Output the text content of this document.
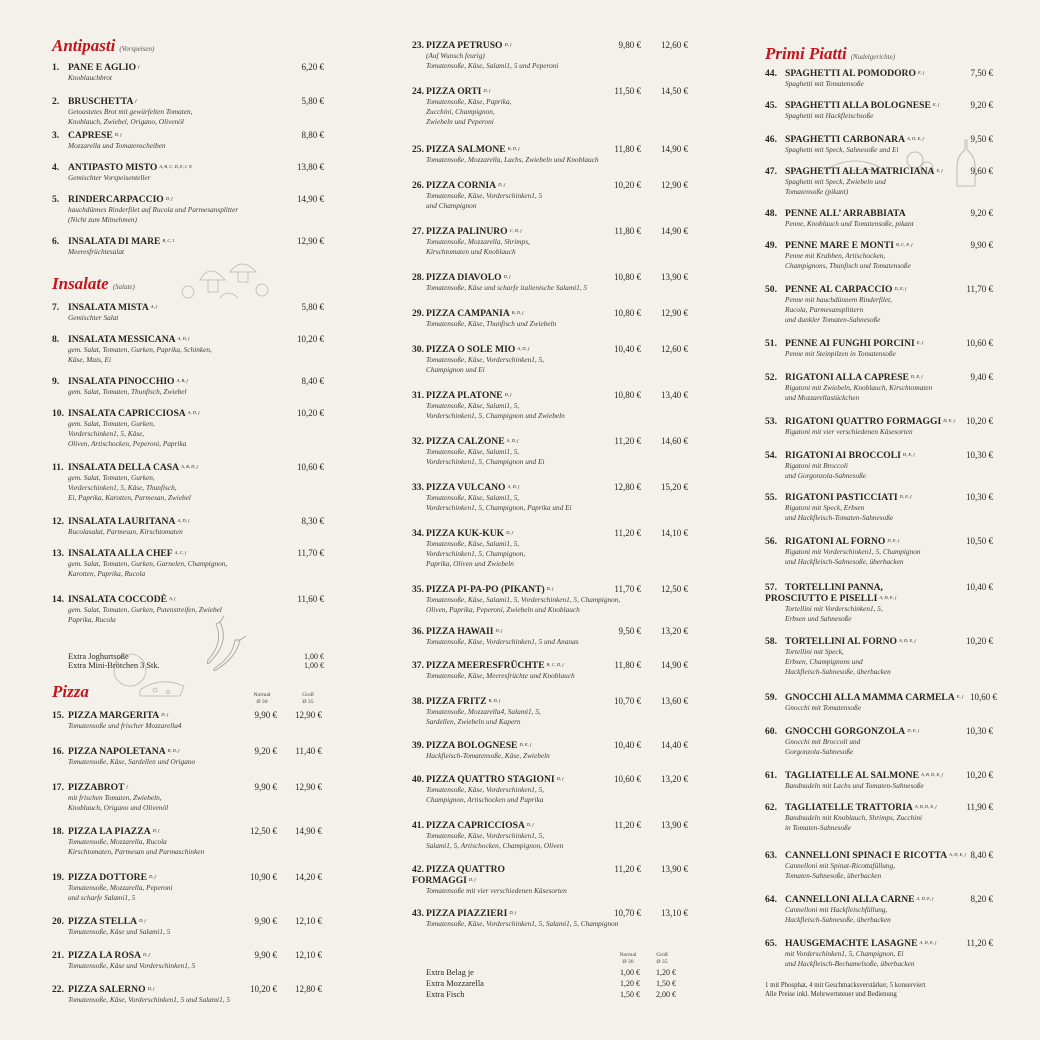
Antipasti (Vorspeisen)
1. PANE E AGLIO $^f$	6,20 €
Knoblauchbrot
2. BRUSCHETTA $^f$	5,80 €
Getoastetes Brot mit gewürfelten Tomaten,
Knoblauch, Zwiebel, Origano, Olivenöl
3. CAPRESE $^{D, f}$	8,80 €
Mozzarella und Tomatenscheiben
4. ANTIPASTO MISTO $^{A, B, C, D, E, I, N}$	13,80 €
Gemischter Vorspeisenteller
5. RINDERCARPACCIO $^{D, f}$	14,90 €
hauchdünnes Rinderfilet auf Rucola und Parmesansplitter
(Nicht zum Mitnehmen)
6. INSALATA DI MARE $^{B, C, I}$	12,90 €
Meeresfrüchtesalat
Insalate (Salate)
7. INSALATA MISTA $^{A, f}$	5,80 €
Gemischter Salat
8. INSALATA MESSICANA $^{A, D, f}$	10,20 €
gem. Salat, Tomaten, Gurken, Paprika, Schinken,
Käse, Mais, Ei
9. INSALATA PINOCCHIO $^{A, B, f}$	8,40 €
gem. Salat, Tomaten, Thunfisch, Zwiebel
10. INSALATA CAPRICCIOSA $^{A, D, f}$	10,20 €
gem. Salat, Tomaten, Gurken,
Vorderschinken1, 5, Käse,
Oliven, Artischocken, Peperoni, Paprika
11. INSALATA DELLA CASA $^{A, B, D, f}$	10,60 €
gem. Salat, Tomaten, Gurken,
Vorderschinken1, 5, Käse, Thunfisch,
Ei, Paprika, Karotten, Parmesan, Zwiebel
12. INSALATA LAURITANA $^{A, D, f}$	8,30 €
Rucolasalat, Parmesan, Kirschtomaten
13. INSALATA ALLA CHEF $^{A, C, f}$	11,70 €
gem. Salat, Tomaten, Gurken, Garnelen, Champignon,
Karotten, Paprika, Rucola
14. INSALATA COCCODÈ $^{A, f}$	11,60 €
gem. Salat, Tomaten, Gurken, Putenstreifen, Zwiebel
Paprika, Rucola
Extra Joghurtsoße	1,00 €
Extra Mini-Brötchen 3 Stk.	1,00 €
Pizza	Normal
Ø 30
Groß
Ø 35
15. PIZZA MARGERITA $^{D, f}$	9,90 € 12,90 €
Tomatensoße und frischer Mozzarella4
16. PIZZA NAPOLETANA $^{B, D, f}$	9,20 € 11,40 €
Tomatensoße, Käse, Sardellen und Origano
17. PIZZABROT $^f$	9,90 € 12,90 €
mit frischen Tomaten, Zwiebeln,
Knoblauch, Origano und Olivenöl
18. PIZZA LA PIAZZA $^{D, f}$	12,50 € 14,90 €
Tomatensoße, Mozzarella, Rucola
Kirschtomaten, Parmesan und Parmaschinken
19. PIZZA DOTTORE $^{D, f}$	10,90 € 14,20 €
Tomatensoße, Mozzarella, Peperoni
und scharfe Salami1, 5
20. PIZZA STELLA $^{D, f}$	9,90 € 12,10 €
Tomatensoße, Käse und Salami1, 5
21. PIZZA LA ROSA $^{D, f}$	9,90 € 12,10 €
Tomatensoße, Käse und Vorderschinken1, 5
22. PIZZA SALERNO $^{D, f}$	10,20 € 12,80 €
Tomatensoße, Käse, Vorderschinken1, 5 und Salami1, 5
23. PIZZA PETRUSO $^{D, f}$	9,80 € 12,60 €
(Auf Wunsch feurig)
Tomatensoße, Käse, Salami1, 5 und Peperoni
24. PIZZA ORTI $^{D, f}$	11,50 € 14,50 €
Tomatensoße, Käse, Paprika,
Zucchini, Champignon,
Zwiebeln und Peperoni
25. PIZZA SALMONE $^{B, D, f}$	11,80 € 14,90 €
Tomatensoße, Mozzarella, Lachs, Zwiebeln und Knoblauch
26. PIZZA CORNIA $^{D, f}$	10,20 € 12,90 €
Tomatensoße, Käse, Vorderschinken1, 5
und Champignon
27. PIZZA PALINURO $^{C, D, f}$	11,80 € 14,90 €
Tomatensoße, Mozzarella, Shrimps,
Kirschtomaten und Knoblauch
28. PIZZA DIAVOLO $^{D, f}$	10,80 € 13,90 €
Tomatensoße, Käse und scharfe italienische Salami1, 5
29. PIZZA CAMPANIA $^{B, D, f}$	10,80 € 12,90 €
Tomatensoße, Käse, Thunfisch und Zwiebeln
30. PIZZA O SOLE MIO $^{A, D, f}$	10,40 € 12,60 €
Tomatensoße, Käse, Vorderschinken1, 5,
Champignon und Ei
31. PIZZA PLATONE $^{D, f}$	10,80 € 13,40 €
Tomatensoße, Käse, Salami1, 5,
Vorderschinken1, 5, Champignon und Zwiebeln
32. PIZZA CALZONE $^{A, D, f}$	11,20 € 14,60 €
Tomatensoße, Käse, Salami1, 5,
Vorderschinken1, 5, Champignon und Ei
33. PIZZA VULCANO $^{A, D, f}$	12,80 € 15,20 €
Tomatensoße, Käse, Salami1, 5,
Vorderschinken1, 5, Champignon, Paprika und Ei
34. PIZZA KUK-KUK $^{D, f}$	11,20 € 14,10 €
Tomatensoße, Käse, Salami1, 5,
Vorderschinken1, 5, Champignon,
Paprika, Oliven und Zwiebeln
35. PIZZA PI-PA-PO (PIKANT) $^{D, f}$	11,70 € 12,50 €
Tomatensoße, Käse, Salami1, 5, Vorderschinken1, 5, Champignon,
Oliven, Paprika, Peperoni, Zwiebeln und Knoblauch
36. PIZZA HAWAII $^{D, f}$	9,50 € 13,20 €
Tomatensoße, Käse, Vorderschinken1, 5 und Ananas
37. PIZZA MEERESFRÜCHTE $^{B, C, D, f}$	11,80 € 14,90 €
Tomatensoße, Käse, Meeresfrüchte und Knoblauch
38. PIZZA FRITZ $^{B, D, f}$	10,70 € 13,60 €
Tomatensoße, Mozzarella4, Salami1, 5,
Sardellen, Zwiebeln und Kapern
39. PIZZA BOLOGNESE $^{D, E, f}$	10,40 € 14,40 €
Hackfleisch-Tomatensoße, Käse, Zwiebeln
40. PIZZA QUATTRO STAGIONI $^{D, f}$	10,60 € 13,20 €
Tomatensoße, Käse, Vorderschinken1, 5,
Champignon, Artischocken und Paprika
41. PIZZA CAPRICCIOSA $^{D, f}$	11,20 € 13,90 €
Tomatensoße, Käse, Vorderschinken1, 5,
Salami1, 5, Artischocken, Champignon, Oliven
42. PIZZA QUATTRO
FORMAGGI $^{D, f}$
11,20 € 13,90 €
Tomatensoße mit vier verschiedenen Käsesorten
43. PIZZA PIAZZIERI $^{D, f}$	10,70 € 13,10 €
Tomatensoße, Käse, Vorderschinken1, 5, Salami1, 5, Champignon
Normal
Ø 30
Groß
Ø 35
Extra Belag je	1,00 € 1,20 €
Extra Mozzarella	1,20 € 1,50 €
Extra Fisch	1,50 € 2,00 €
Primi Piatti (Nudelgerichte)
44. SPAGHETTI AL POMODORO $^{E, f}$	7,50 €
Spaghetti mit Tomatensoße
45. SPAGHETTI ALLA BOLOGNESE $^{E, f}$	9,20 €
Spaghetti mit Hackfleischsoße
46. SPAGHETTI CARBONARA $^{A, D, E, f}$	9,50 €
Spaghetti mit Speck, Sahnesoße und Ei
47. SPAGHETTI ALLA MATRICIANA $^{E, f}$	9,60 €
Spaghetti mit Speck, Zwiebeln und
Tomatensoße (pikant)
48. PENNE ALL’ ARRABBIATA	9,20 €
Penne, Knoblauch und Tomatensoße, pikant
49. PENNE MARE E MONTI $^{B, C, E, f}$	9,90 €
Penne mit Krabben, Artischocken,
Champignons, Thunfisch und Tomatensoße
50. PENNE AL CARPACCIO $^{D, E, f}$	11,70 €
Penne mit hauchdünnem Rinderfilet,
Rucola, Parmesansplittern
und dunkler Tomaten-Sahnesoße
51. PENNE AI FUNGHI PORCINI $^{E, f}$	10,60 €
Penne mit Steinpilzen in Tomatensoße
52. RIGATONI ALLA CAPRESE $^{D, E, f}$	9,40 €
Rigatoni mit Zwiebeln, Knoblauch, Kirschtomaten
und Mozzarellastückchen
53. RIGATONI QUATTRO FORMAGGI $^{D, E, f}$ 10,20 €
Rigatoni mit vier verschiedenen Käsesorten
54. RIGATONI AI BROCCOLI $^{D, E, f}$	10,30 €
Rigatoni mit Broccoli
und Gorgonzola-Sahnesoße
55. RIGATONI PASTICCIATI $^{D, E, f}$	10,30 €
Rigatoni mit Speck, Erbsen
und Hackfleisch-Tomaten-Sahnesoße
56. RIGATONI AL FORNO $^{D, E, f}$	10,50 €
Rigatoni mit Vorderschinken1, 5, Champignon
und Hackfleisch-Sahnesoße, überbacken
57. TORTELLINI PANNA,
PROSCIUTTO E PISELLI $^{A, D, E, f}$
10,40 €
Tortellini mit Vorderschinken1, 5,
Erbsen und Sahnesoße
58. TORTELLINI AL FORNO $^{A, D, E, f}$	10,20 €
Tortellini mit Speck,
Erbsen, Champignons und
Hackfleisch-Sahnesoße, überbacken
59. GNOCCHI ALLA MAMMA CARMELA $^{E, f}$ 10,60 €
Gnocchi mit Tomatensoße
60. GNOCCHI GORGONZOLA $^{D, E, f}$	10,30 €
Gnocchi mit Broccoli und
Gorgonzola-Sahnesoße
61. TAGLIATELLE AL SALMONE $^{A, B, D, E, f}$	10,20 €
Bandnudeln mit Lachs und Tomaten-Sahnesoße
62. TAGLIATELLE TRATTORIA $^{A, B, D, E, f}$	11,90 €
Bandnudeln mit Knoblauch, Shrimps, Zucchini
in Tomaten-Sahnesoße
63. CANNELLONI SPINACI E RICOTTA $^{A, D, E, f}$ 8,40 €
Cannelloni mit Spinat-Ricottafüllung,
Tomaten-Sahnesoße, überbacken
64. CANNELLONI ALLA CARNE $^{A, D, E, f}$	8,20 €
Cannelloni mit Hackfleischfüllung,
Hackfleisch-Sahnesoße, überbacken
65. HAUSGEMACHTE LASAGNE $^{A, D, E, f}$	11,20 €
mit Vorderschinken1, 5, Champignon, Ei
und Hackfleisch-Bechamelsoße, überbacken
1 mit Phosphat, 4 mit Geschmacksverstärker, 5 konserviert
Alle Preise inkl. Mehrwertsteuer und Bedienung
